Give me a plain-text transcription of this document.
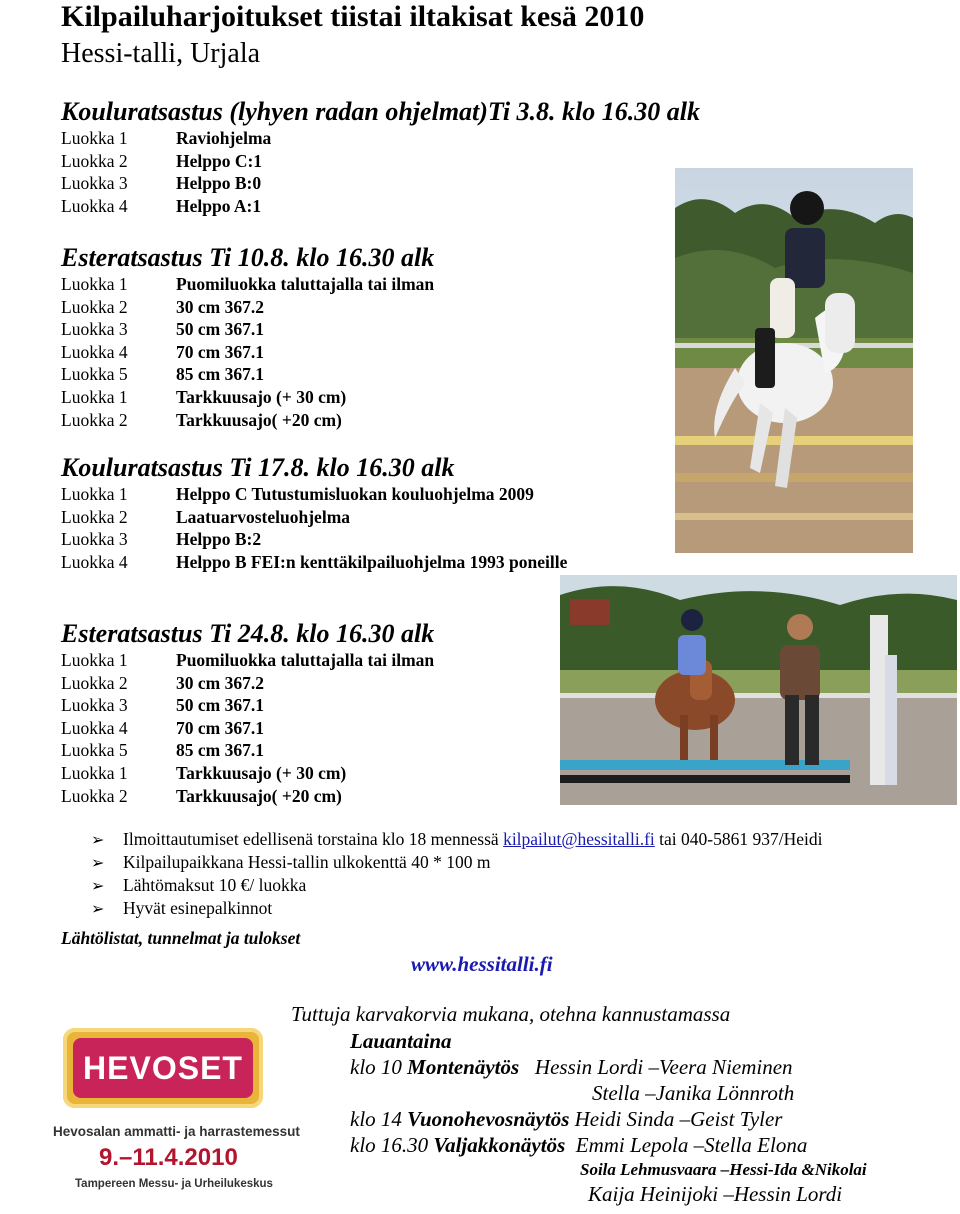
Kilpailuharjoitukset tiistai iltakisat kesä 2010
Hessi-talli, Urjala
Kouluratsastus (lyhyen radan ohjelmat)Ti 3.8. klo 16.30 alk
Luokka 1	Raviohjelma
Luokka 2	Helppo C:1
Luokka 3	Helppo B:0
Luokka 4	Helppo A:1
Esteratsastus Ti 10.8. klo 16.30 alk
Luokka 1	Puomiluokka taluttajalla tai ilman
Luokka 2	30 cm 367.2
Luokka 3	50 cm 367.1
Luokka 4	70 cm 367.1
Luokka 5	85 cm 367.1
Luokka 1	Tarkkuusajo (+ 30 cm)
Luokka 2	Tarkkuusajo( +20 cm)
Kouluratsastus Ti 17.8. klo 16.30 alk
Luokka 1	Helppo C Tutustumisluokan kouluohjelma 2009
Luokka 2	Laatuarvosteluohjelma
Luokka 3	Helppo B:2
Luokka 4	Helppo B FEI:n kenttäkilpailuohjelma 1993 poneille
Esteratsastus Ti 24.8. klo 16.30 alk
Luokka 1	Puomiluokka taluttajalla tai ilman
Luokka 2	30 cm 367.2
Luokka 3	50 cm 367.1
Luokka 4	70 cm 367.1
Luokka 5	85 cm 367.1
Luokka 1	Tarkkuusajo (+ 30 cm)
Luokka 2	Tarkkuusajo( +20 cm)
➢ Ilmoittautumiset edellisenä torstaina klo 18 mennessä kilpailut@hessitalli.fi tai 040-5861 937/Heidi
➢ Kilpailupaikkana Hessi-tallin ulkokenttä 40 * 100 m
➢ Lähtömaksut 10 €/ luokka
➢ Hyvät esinepalkinnot
Lähtölistat, tunnelmat ja tulokset
www.hessitalli.fi
HEVOSET
Hevosalan ammatti- ja harrastemessut
9.–11.4.2010
Tampereen Messu- ja Urheilukeskus
Tuttuja karvakorvia mukana, otehna kannustamassa
Lauantaina
klo 10 Montenäytös   Hessin Lordi –Veera Nieminen
Stella –Janika Lönnroth
klo 14 Vuonohevosnäytös Heidi Sinda –Geist Tyler
klo 16.30 Valjakkonäytös  Emmi Lepola –Stella Elona
Soila Lehmusvaara –Hessi-Ida &Nikolai
Kaija Heinijoki –Hessin Lordi
